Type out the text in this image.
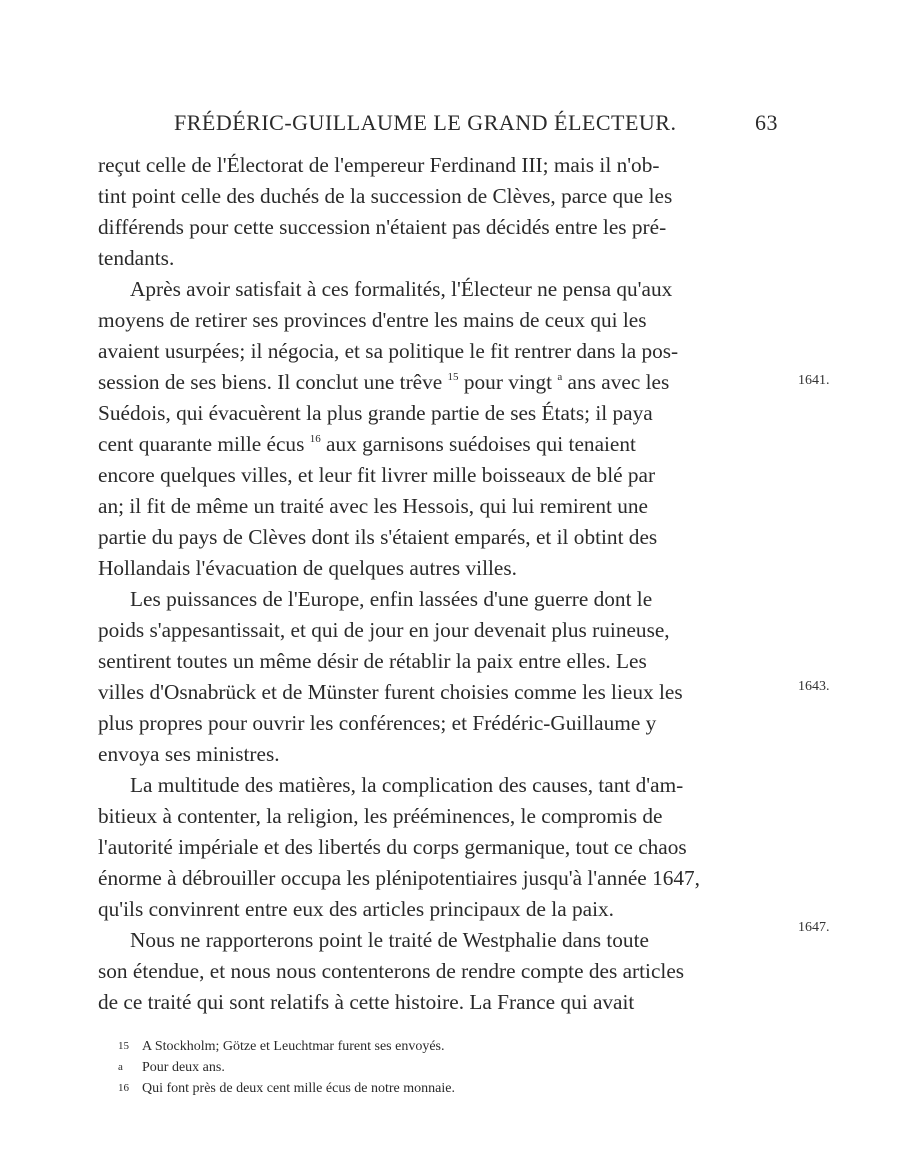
FRÉDÉRIC-GUILLAUME LE GRAND ÉLECTEUR.	63
reçut celle de l'Électorat de l'empereur Ferdinand III; mais il n'ob-
tint point celle des duchés de la succession de Clèves, parce que les
différends pour cette succession n'étaient pas décidés entre les pré-
tendants.
Après avoir satisfait à ces formalités, l'Électeur ne pensa qu'aux
moyens de retirer ses provinces d'entre les mains de ceux qui les
avaient usurpées; il négocia, et sa politique le fit rentrer dans la pos-
session de ses biens. Il conclut une trêve $^{15}$ pour vingt $^a$ ans avec les
Suédois, qui évacuèrent la plus grande partie de ses États; il paya
cent quarante mille écus $^{16}$ aux garnisons suédoises qui tenaient
encore quelques villes, et leur fit livrer mille boisseaux de blé par
an; il fit de même un traité avec les Hessois, qui lui remirent une
partie du pays de Clèves dont ils s'étaient emparés, et il obtint des
Hollandais l'évacuation de quelques autres villes.
Les puissances de l'Europe, enfin lassées d'une guerre dont le
poids s'appesantissait, et qui de jour en jour devenait plus ruineuse,
sentirent toutes un même désir de rétablir la paix entre elles. Les
villes d'Osnabrück et de Münster furent choisies comme les lieux les
plus propres pour ouvrir les conférences; et Frédéric-Guillaume y
envoya ses ministres.
La multitude des matières, la complication des causes, tant d'am-
bitieux à contenter, la religion, les prééminences, le compromis de
l'autorité impériale et des libertés du corps germanique, tout ce chaos
énorme à débrouiller occupa les plénipotentiaires jusqu'à l'année 1647,
qu'ils convinrent entre eux des articles principaux de la paix.
Nous ne rapporterons point le traité de Westphalie dans toute
son étendue, et nous nous contenterons de rendre compte des articles
de ce traité qui sont relatifs à cette histoire. La France qui avait
1641.
1643.
1647.
15 A Stockholm; Götze et Leuchtmar furent ses envoyés.
a	Pour deux ans.
16 Qui font près de deux cent mille écus de notre monnaie.
